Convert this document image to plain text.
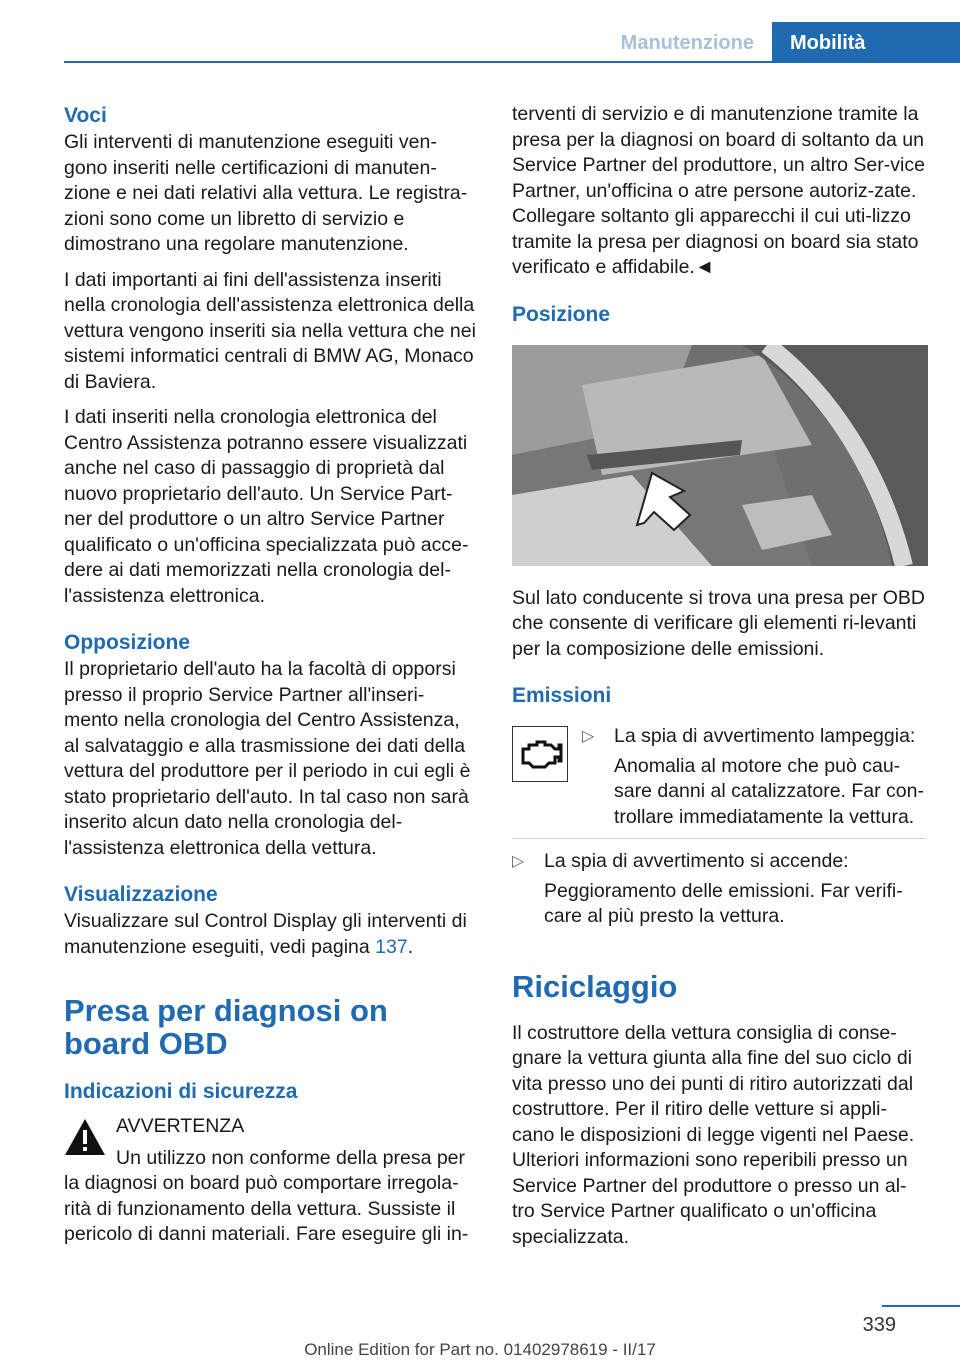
Manutenzione	Mobilità
Voci

Gli interventi di manutenzione eseguiti ven-gono inseriti nelle certificazioni di manuten-zione e nei dati relativi alla vettura. Le registra-zioni sono come un libretto di servizio e dimostrano una regolare manutenzione.

I dati importanti ai fini dell'assistenza inseriti nella cronologia dell'assistenza elettronica della vettura vengono inseriti sia nella vettura che nei sistemi informatici centrali di BMW AG, Monaco di Baviera.

I dati inseriti nella cronologia elettronica del Centro Assistenza potranno essere visualizzati anche nel caso di passaggio di proprietà dal nuovo proprietario dell'auto. Un Service Part-ner del produttore o un altro Service Partner qualificato o un'officina specializzata può acce-dere ai dati memorizzati nella cronologia del-l'assistenza elettronica.

Opposizione

Il proprietario dell'auto ha la facoltà di opporsi presso il proprio Service Partner all'inseri-mento nella cronologia del Centro Assistenza, al salvataggio e alla trasmissione dei dati della vettura del produttore per il periodo in cui egli è stato proprietario dell'auto. In tal caso non sarà inserito alcun dato nella cronologia del-l'assistenza elettronica della vettura.

Visualizzazione

Visualizzare sul Control Display gli interventi di manutenzione eseguiti, vedi pagina 137.

Presa per diagnosi on board OBD
Indicazioni di sicurezza
AVVERTENZA
Un utilizzo non conforme della presa per la diagnosi on board può comportare irregola-rità di funzionamento della vettura. Sussiste il pericolo di danni materiali. Fare eseguire gli in-

terventi di servizio e di manutenzione tramite la presa per la diagnosi on board di soltanto da un Service Partner del produttore, un altro Ser-vice Partner, un'officina o atre persone autoriz-zate. Collegare soltanto gli apparecchi il cui uti-lizzo tramite la presa per diagnosi on board sia stato verificato e affidabile.◄

Posizione

Sul lato conducente si trova una presa per OBD che consente di verificare gli elementi ri-levanti per la composizione delle emissioni.

Emissioni
▷	La spia di avvertimento lampeggia:
Anomalia al motore che può cau-sare danni al catalizzatore. Far con-trollare immediatamente la vettura.
▷	La spia di avvertimento si accende:
Peggioramento delle emissioni. Far verifi-care al più presto la vettura.
Riciclaggio

Il costruttore della vettura consiglia di conse-gnare la vettura giunta alla fine del suo ciclo di vita presso uno dei punti di ritiro autorizzati dal costruttore. Per il ritiro delle vetture si appli-cano le disposizioni di legge vigenti nel Paese. Ulteriori informazioni sono reperibili presso un Service Partner del produttore o presso un al-tro Service Partner qualificato o un'officina specializzata.

339
Online Edition for Part no. 01402978619 - II/17
